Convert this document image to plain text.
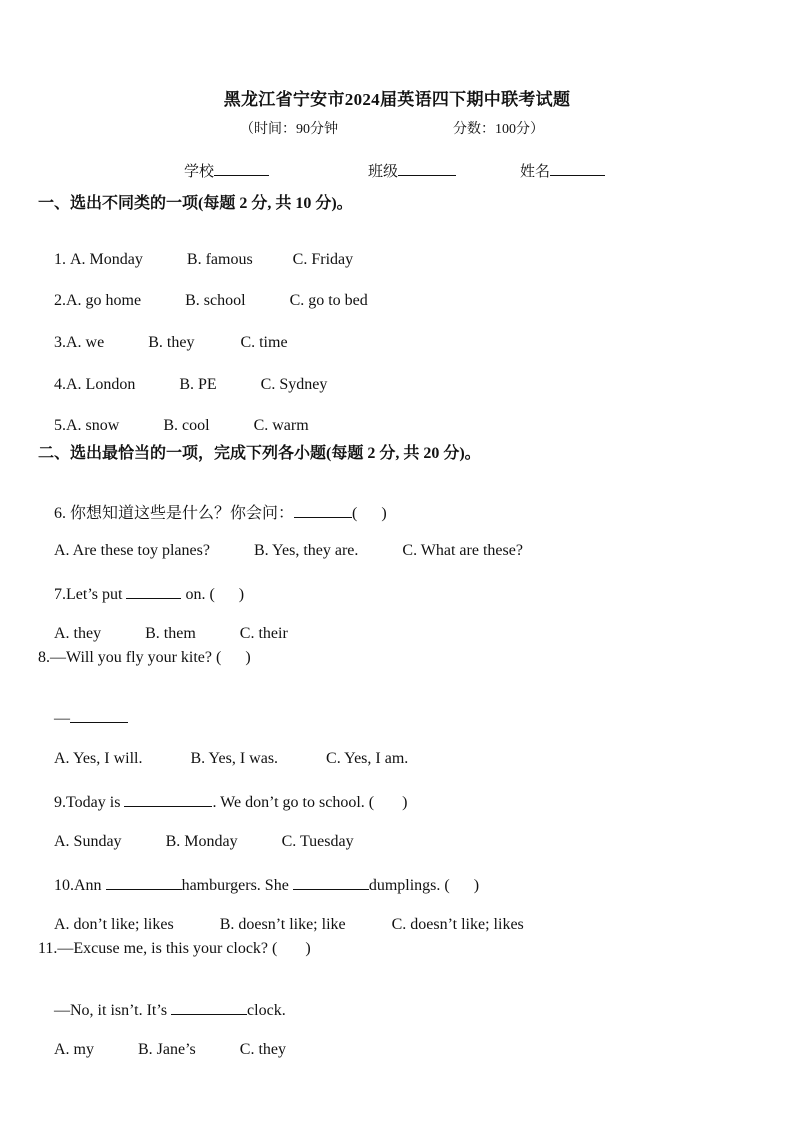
黑龙江省宁安市2024届英语四下期中联考试题
（时间：90分钟	分数：100分）
学校	班级	姓名
一、选出不同类的一项(每题 2 分, 共 10 分)。

1. A. Monday	B. famous	C. Friday

2.A. go home	B. school	C. go to bed

3.A. we	B. they	C. time

4.A. London	B. PE	C. Sydney

5.A. snow	B. cool	C. warm

二、选出最恰当的一项，完成下列各小题(每题 2 分, 共 20 分)。

6. 你想知道这些是什么？你会问：	(      )

A. Are these toy planes?	B. Yes, they are.	C. What are these?

7.Let’s put	on. (      )

A. they	B. them	C. their

8.—Will you fly your kite? (      )

—

A. Yes, I will.	B. Yes, I was.	C. Yes, I am.

9.Today is	. We don’t go to school. (       )

A. Sunday	B. Monday	C. Tuesday

10.Ann	hamburgers. She	dumplings. (      )

A. don’t like; likes	B. doesn’t like; like	C. doesn’t like; likes

11.—Excuse me, is this your clock? (       )

—No, it isn’t. It’s	clock.

A. my	B. Jane’s	C. they
